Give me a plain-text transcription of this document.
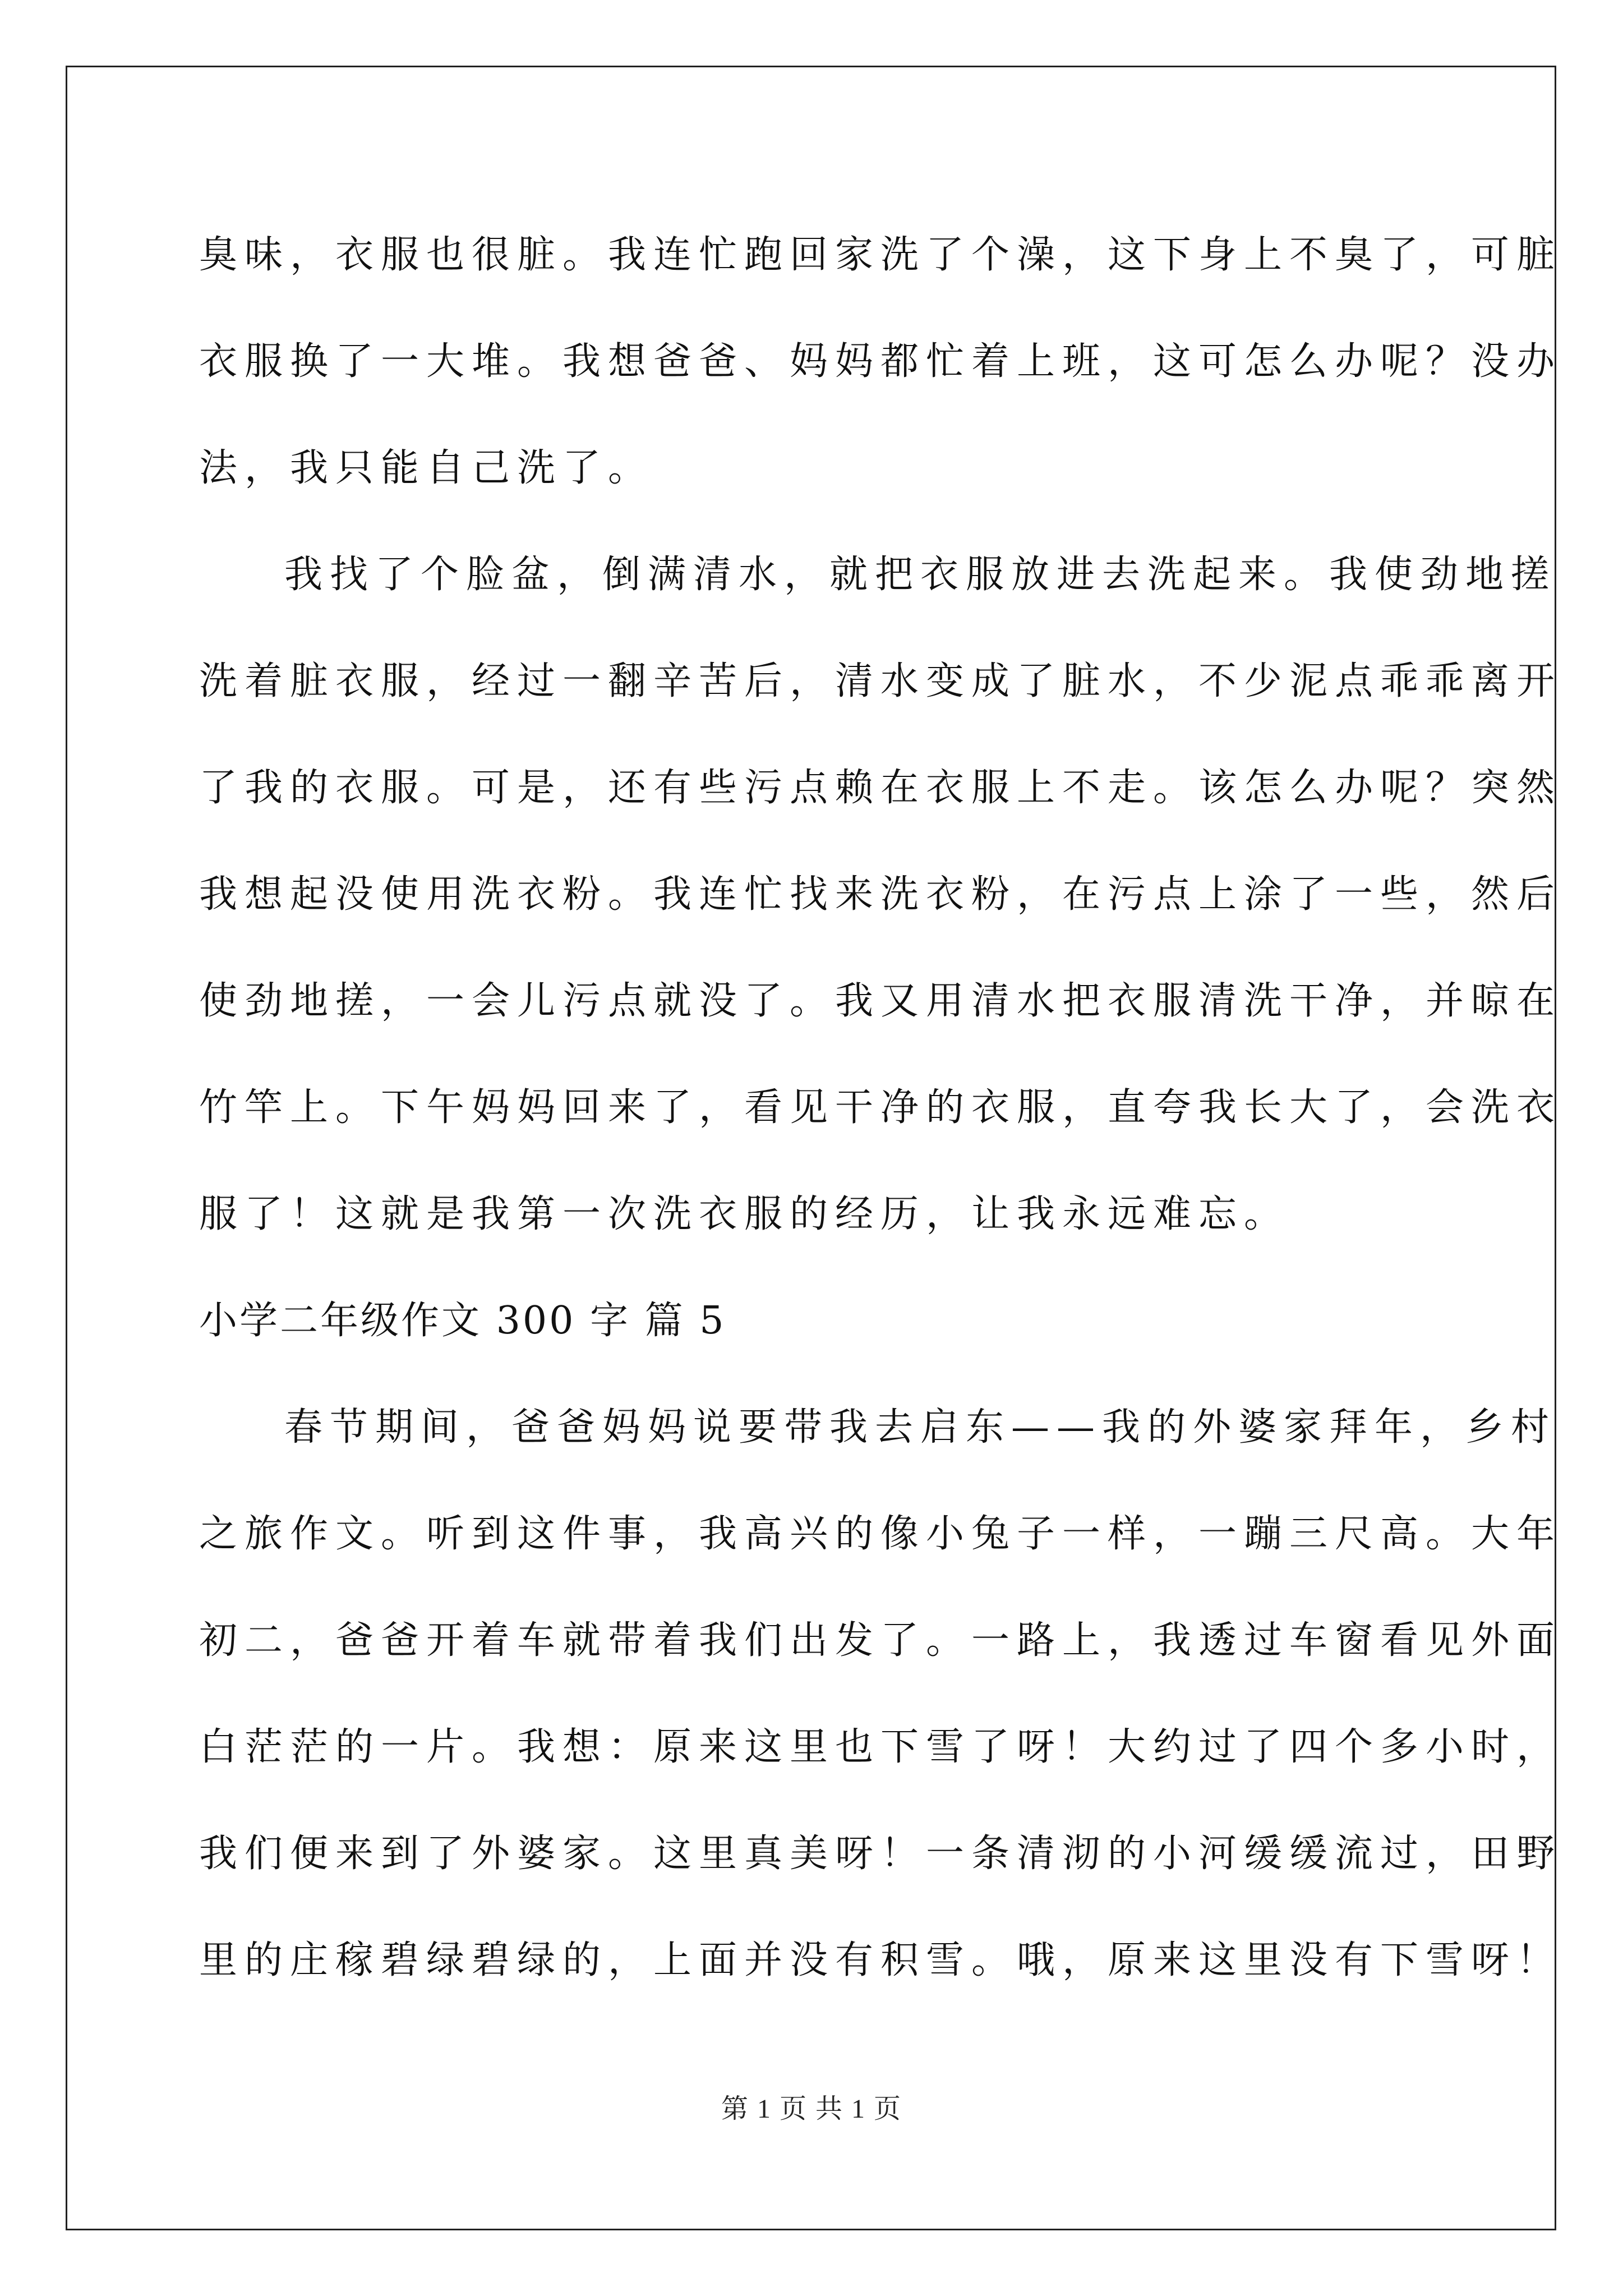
臭味，衣服也很脏。我连忙跑回家洗了个澡，这下身上不臭了，可脏
衣服换了一大堆。我想爸爸、妈妈都忙着上班，这可怎么办呢？没办
法，我只能自己洗了。
我找了个脸盆，倒满清水，就把衣服放进去洗起来。我使劲地搓
洗着脏衣服，经过一翻辛苦后，清水变成了脏水，不少泥点乖乖离开
了我的衣服。可是，还有些污点赖在衣服上不走。该怎么办呢？突然
我想起没使用洗衣粉。我连忙找来洗衣粉，在污点上涂了一些，然后
使劲地搓，一会儿污点就没了。我又用清水把衣服清洗干净，并晾在
竹竿上。下午妈妈回来了，看见干净的衣服，直夸我长大了，会洗衣
服了！这就是我第一次洗衣服的经历，让我永远难忘。
小学二年级作文 300 字 篇 5
春节期间，爸爸妈妈说要带我去启东——我的外婆家拜年，乡村
之旅作文。听到这件事，我高兴的像小兔子一样，一蹦三尺高。大年
初二，爸爸开着车就带着我们出发了。一路上，我透过车窗看见外面
白茫茫的一片。我想：原来这里也下雪了呀！大约过了四个多小时，
我们便来到了外婆家。这里真美呀！一条清沏的小河缓缓流过，田野
里的庄稼碧绿碧绿的，上面并没有积雪。哦，原来这里没有下雪呀！
第 1 页 共 1 页
